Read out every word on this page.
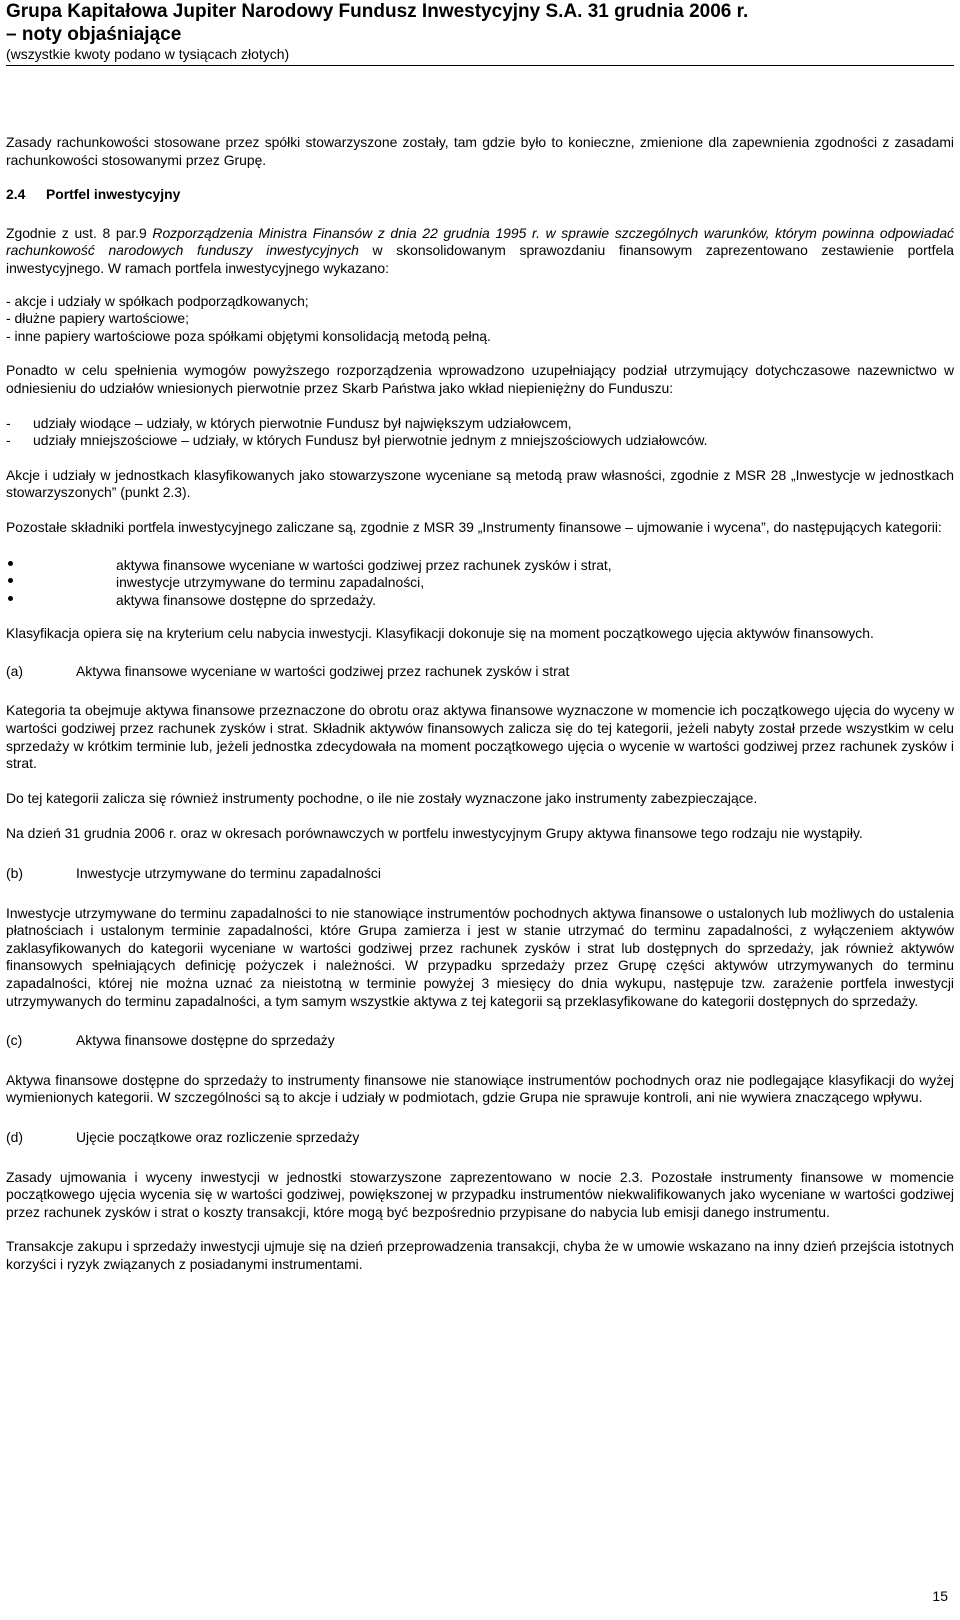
Grupa Kapitałowa Jupiter Narodowy Fundusz Inwestycyjny S.A. 31 grudnia 2006 r.
– noty objaśniające
(wszystkie kwoty podano w tysiącach złotych)

Zasady rachunkowości stosowane przez spółki stowarzyszone zostały, tam gdzie było to konieczne, zmienione dla zapewnienia zgodności z zasadami rachunkowości stosowanymi przez Grupę.

2.4	Portfel inwestycyjny

Zgodnie z ust. 8 par.9 Rozporządzenia Ministra Finansów z dnia 22 grudnia 1995 r. w sprawie szczególnych warunków, którym powinna odpowiadać rachunkowość narodowych funduszy inwestycyjnych w skonsolidowanym sprawozdaniu finansowym zaprezentowano zestawienie portfela inwestycyjnego. W ramach portfela inwestycyjnego wykazano:

- akcje i udziały w spółkach podporządkowanych;
- dłużne papiery wartościowe;
- inne papiery wartościowe poza spółkami objętymi konsolidacją metodą pełną.

Ponadto w celu spełnienia wymogów powyższego rozporządzenia wprowadzono uzupełniający podział utrzymujący dotychczasowe nazewnictwo w odniesieniu do udziałów wniesionych pierwotnie przez Skarb Państwa jako wkład niepieniężny do Funduszu:

-	udziały wiodące – udziały, w których pierwotnie Fundusz był największym udziałowcem,
-	udziały mniejszościowe – udziały, w których Fundusz był pierwotnie jednym z mniejszościowych udziałowców.

Akcje i udziały w jednostkach klasyfikowanych jako stowarzyszone wyceniane są metodą praw własności, zgodnie z MSR 28 „Inwestycje w jednostkach stowarzyszonych” (punkt 2.3).

Pozostałe składniki portfela inwestycyjnego zaliczane są, zgodnie z MSR 39 „Instrumenty finansowe – ujmowanie i wycena”, do następujących kategorii:

aktywa finansowe wyceniane w wartości godziwej przez rachunek zysków i strat,
inwestycje utrzymywane do terminu zapadalności,
aktywa finansowe dostępne do sprzedaży.

Klasyfikacja opiera się na kryterium celu nabycia inwestycji. Klasyfikacji dokonuje się na moment początkowego ujęcia aktywów finansowych.

(a)	Aktywa finansowe wyceniane w wartości godziwej przez rachunek zysków i strat

Kategoria ta obejmuje aktywa finansowe przeznaczone do obrotu oraz aktywa finansowe wyznaczone w momencie ich początkowego ujęcia do wyceny w wartości godziwej przez rachunek zysków i strat. Składnik aktywów finansowych zalicza się do tej kategorii, jeżeli nabyty został przede wszystkim w celu sprzedaży w krótkim terminie lub, jeżeli jednostka zdecydowała na moment początkowego ujęcia o wycenie w wartości godziwej przez rachunek zysków i strat.

Do tej kategorii zalicza się również instrumenty pochodne, o ile nie zostały wyznaczone jako instrumenty zabezpieczające.

Na dzień 31 grudnia 2006 r. oraz w okresach porównawczych w portfelu inwestycyjnym Grupy aktywa finansowe tego rodzaju nie wystąpiły.

(b)	Inwestycje utrzymywane do terminu zapadalności

Inwestycje utrzymywane do terminu zapadalności to nie stanowiące instrumentów pochodnych aktywa finansowe o ustalonych lub możliwych do ustalenia płatnościach i ustalonym terminie zapadalności, które Grupa zamierza i jest w stanie utrzymać do terminu zapadalności, z wyłączeniem aktywów zaklasyfikowanych do kategorii wyceniane w wartości godziwej przez rachunek zysków i strat lub dostępnych do sprzedaży, jak również aktywów finansowych spełniających definicję pożyczek i należności. W przypadku sprzedaży przez Grupę części aktywów utrzymywanych do terminu zapadalności, której nie można uznać za nieistotną w terminie powyżej 3 miesięcy do dnia wykupu, następuje tzw. zarażenie portfela inwestycji utrzymywanych do terminu zapadalności, a tym samym wszystkie aktywa z tej kategorii są przeklasyfikowane do kategorii dostępnych do sprzedaży.

(c)	Aktywa finansowe dostępne do sprzedaży

Aktywa finansowe dostępne do sprzedaży to instrumenty finansowe nie stanowiące instrumentów pochodnych oraz nie podlegające klasyfikacji do wyżej wymienionych kategorii. W szczególności są to akcje i udziały w podmiotach, gdzie Grupa nie sprawuje kontroli, ani nie wywiera znaczącego wpływu.

(d)	Ujęcie początkowe oraz rozliczenie sprzedaży

Zasady ujmowania i wyceny inwestycji w jednostki stowarzyszone zaprezentowano w nocie 2.3. Pozostałe instrumenty finansowe w momencie początkowego ujęcia wycenia się w wartości godziwej, powiększonej w przypadku instrumentów niekwalifikowanych jako wyceniane w wartości godziwej przez rachunek zysków i strat o koszty transakcji, które mogą być bezpośrednio przypisane do nabycia lub emisji danego instrumentu.

Transakcje zakupu i sprzedaży inwestycji ujmuje się na dzień przeprowadzenia transakcji, chyba że w umowie wskazano na inny dzień przejścia istotnych korzyści i ryzyk związanych z posiadanymi instrumentami.

15
